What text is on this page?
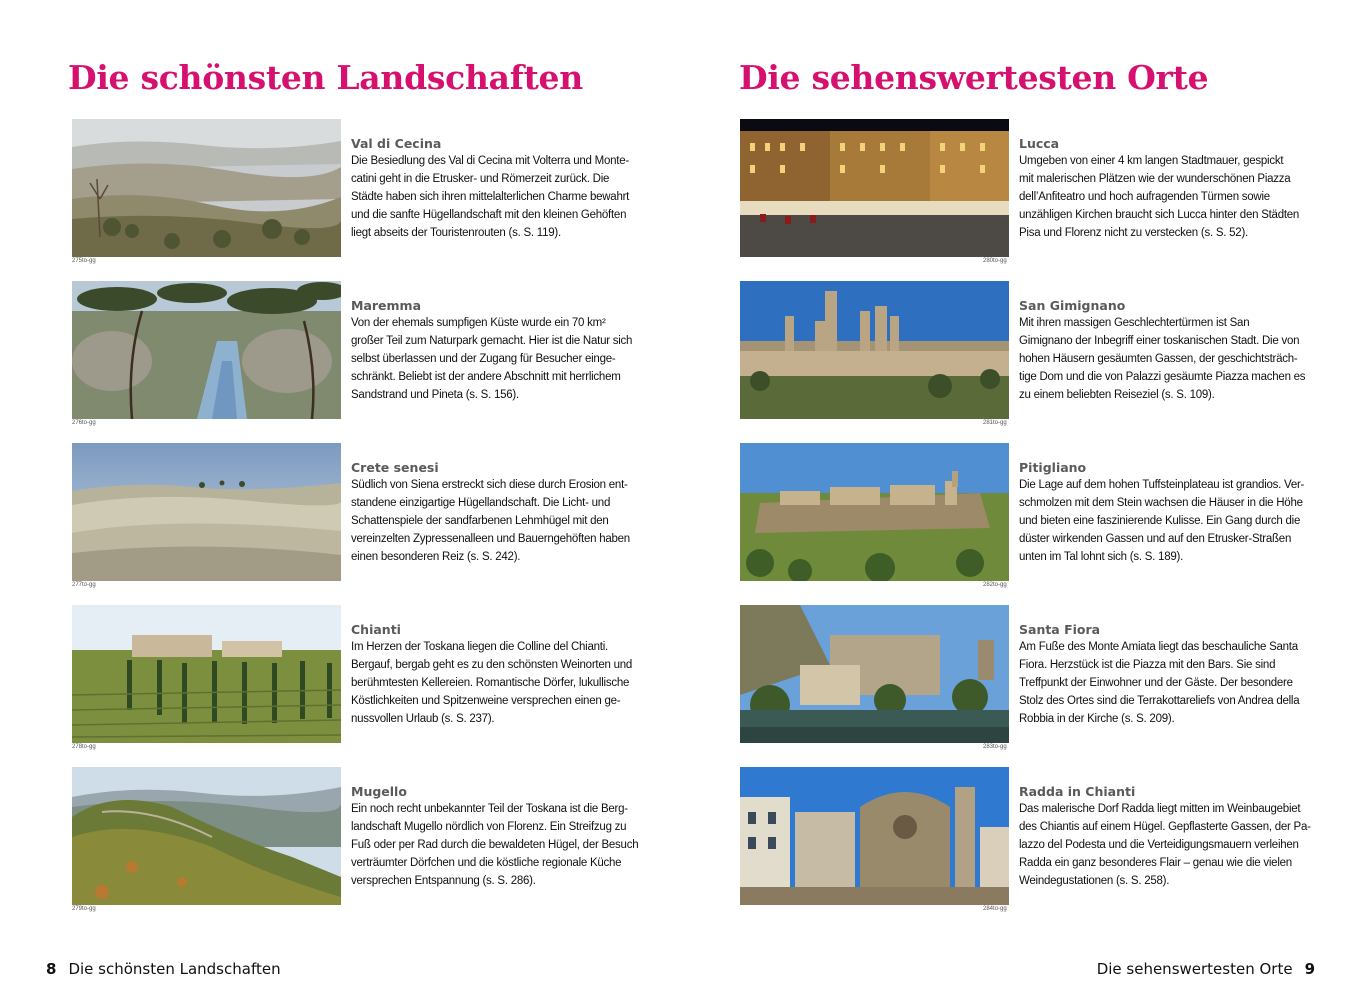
Die schönsten Landschaften
275to-gg
Val di Cecina
Die Besiedlung des Val di Cecina mit Volterra und Monte-
catini geht in die Etrusker- und Römerzeit zurück. Die
Städte haben sich ihren mittelalterlichen Charme bewahrt
und die sanfte Hügellandschaft mit den kleinen Gehöften
liegt abseits der Touristenrouten (s. S. 119).
276to-gg
Maremma
Von der ehemals sumpfigen Küste wurde ein 70 km²
großer Teil zum Naturpark gemacht. Hier ist die Natur sich
selbst überlassen und der Zugang für Besucher einge-
schränkt. Beliebt ist der andere Abschnitt mit herrlichem
Sandstrand und Pineta (s. S. 156).
277to-gg
Crete senesi
Südlich von Siena erstreckt sich diese durch Erosion ent-
standene einzigartige Hügellandschaft. Die Licht- und
Schattenspiele der sandfarbenen Lehmhügel mit den
vereinzelten Zypressenalleen und Bauerngehöften haben
einen besonderen Reiz (s. S. 242).
278to-gg
Chianti
Im Herzen der Toskana liegen die Colline del Chianti.
Bergauf, bergab geht es zu den schönsten Weinorten und
berühmtesten Kellereien. Romantische Dörfer, lukullische
Köstlichkeiten und Spitzenweine versprechen einen ge-
nussvollen Urlaub (s. S. 237).
279to-gg
Mugello
Ein noch recht unbekannter Teil der Toskana ist die Berg-
landschaft Mugello nördlich von Florenz. Ein Streifzug zu
Fuß oder per Rad durch die bewaldeten Hügel, der Besuch
verträumter Dörfchen und die köstliche regionale Küche
versprechen Entspannung (s. S. 286).
8 Die schönsten Landschaften
Die sehenswertesten Orte
280to-gg
Lucca
Umgeben von einer 4 km langen Stadtmauer, gespickt
mit malerischen Plätzen wie der wunderschönen Piazza
dell’Anfiteatro und hoch aufragenden Türmen sowie
unzähligen Kirchen braucht sich Lucca hinter den Städten
Pisa und Florenz nicht zu verstecken (s. S. 52).
281to-gg
San Gimignano
Mit ihren massigen Geschlechtertürmen ist San
Gimignano der Inbegriff einer toskanischen Stadt. Die von
hohen Häusern gesäumten Gassen, der geschichtsträch-
tige Dom und die von Palazzi gesäumte Piazza machen es
zu einem beliebten Reiseziel (s. S. 109).
282to-gg
Pitigliano
Die Lage auf dem hohen Tuffsteinplateau ist grandios. Ver-
schmolzen mit dem Stein wachsen die Häuser in die Höhe
und bieten eine faszinierende Kulisse. Ein Gang durch die
düster wirkenden Gassen und auf den Etrusker-Straßen
unten im Tal lohnt sich (s. S. 189).
283to-gg
Santa Fiora
Am Fuße des Monte Amiata liegt das beschauliche Santa
Fiora. Herzstück ist die Piazza mit den Bars. Sie sind
Treffpunkt der Einwohner und der Gäste. Der besondere
Stolz des Ortes sind die Terrakottareliefs von Andrea della
Robbia in der Kirche (s. S. 209).
284to-gg
Radda in Chianti
Das malerische Dorf Radda liegt mitten im Weinbaugebiet
des Chiantis auf einem Hügel. Gepflasterte Gassen, der Pa-
lazzo del Podesta und die Verteidigungsmauern verleihen
Radda ein ganz besonderes Flair – genau wie die vielen
Weindegustationen (s. S. 258).
Die sehenswertesten Orte 9
